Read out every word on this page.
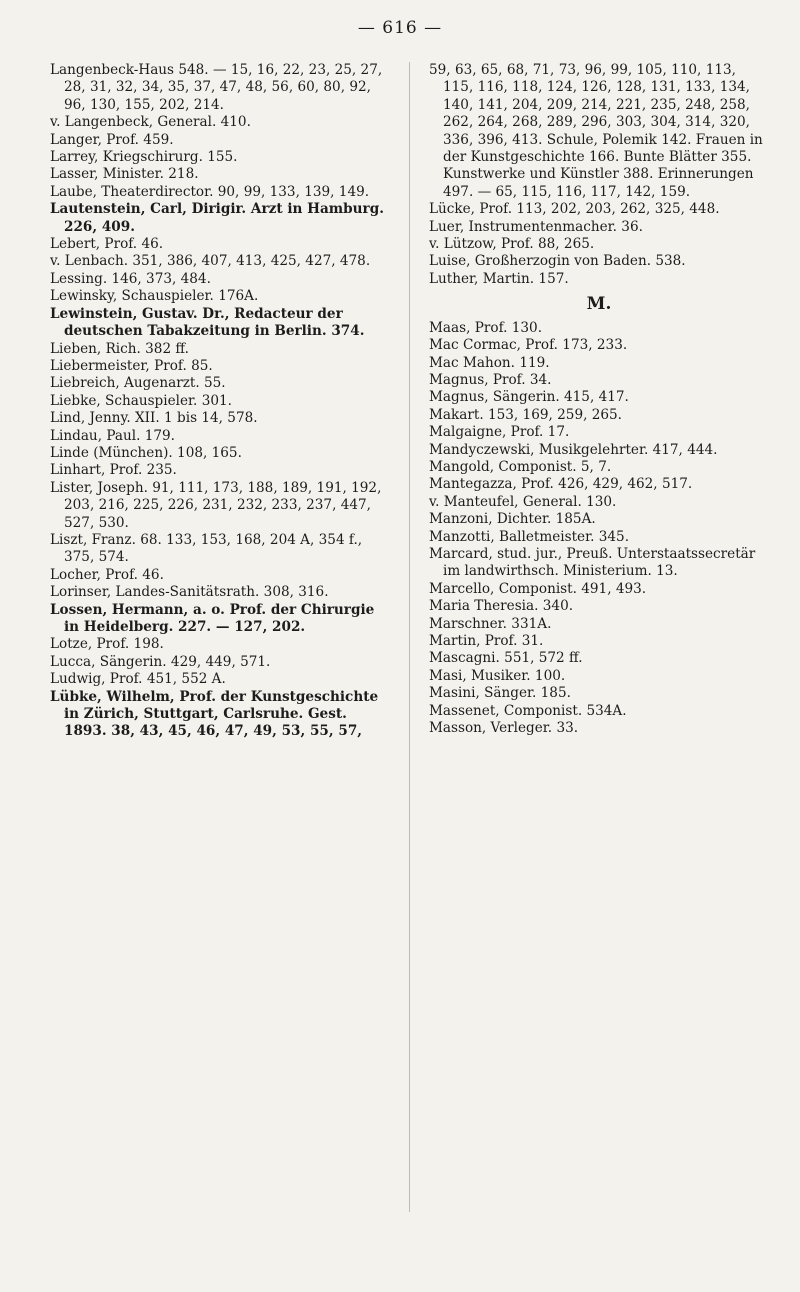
— 616 —

Langenbeck-Haus 548. — 15, 16, 22, 23, 25, 27, 28, 31, 32, 34, 35, 37, 47, 48, 56, 60, 80, 92, 96, 130, 155, 202, 214.

v. Langenbeck, General. 410.

Langer, Prof. 459.

Larrey, Kriegschirurg. 155.

Lasser, Minister. 218.

Laube, Theaterdirector. 90, 99, 133, 139, 149.

Lautenstein, Carl, Dirigir. Arzt in Hamburg. 226, 409.

Lebert, Prof. 46.

v. Lenbach. 351, 386, 407, 413, 425, 427, 478.

Lessing. 146, 373, 484.

Lewinsky, Schauspieler. 176A.

Lewinstein, Gustav. Dr., Redacteur der deutschen Tabakzeitung in Berlin. 374.

Lieben, Rich. 382 ff.

Liebermeister, Prof. 85.

Liebreich, Augenarzt. 55.

Liebke, Schauspieler. 301.

Lind, Jenny. XII. 1 bis 14, 578.

Lindau, Paul. 179.

Linde (München). 108, 165.

Linhart, Prof. 235.

Lister, Joseph. 91, 111, 173, 188, 189, 191, 192, 203, 216, 225, 226, 231, 232, 233, 237, 447, 527, 530.

Liszt, Franz. 68. 133, 153, 168, 204 A, 354 f., 375, 574.

Locher, Prof. 46.

Lorinser, Landes-Sanitätsrath. 308, 316.

Lossen, Hermann, a. o. Prof. der Chirurgie in Heidelberg. 227. — 127, 202.

Lotze, Prof. 198.

Lucca, Sängerin. 429, 449, 571.

Ludwig, Prof. 451, 552 A.

Lübke, Wilhelm, Prof. der Kunstgeschichte in Zürich, Stuttgart, Carlsruhe. Gest. 1893. 38, 43, 45, 46, 47, 49, 53, 55, 57,

59, 63, 65, 68, 71, 73, 96, 99, 105, 110, 113, 115, 116, 118, 124, 126, 128, 131, 133, 134, 140, 141, 204, 209, 214, 221, 235, 248, 258, 262, 264, 268, 289, 296, 303, 304, 314, 320, 336, 396, 413. Schule, Polemik 142. Frauen in der Kunstgeschichte 166. Bunte Blätter 355. Kunstwerke und Künstler 388. Erinnerungen 497. — 65, 115, 116, 117, 142, 159.

Lücke, Prof. 113, 202, 203, 262, 325, 448.

Luer, Instrumentenmacher. 36.

v. Lützow, Prof. 88, 265.

Luise, Großherzogin von Baden. 538.

Luther, Martin. 157.

M.

Maas, Prof. 130.

Mac Cormac, Prof. 173, 233.

Mac Mahon. 119.

Magnus, Prof. 34.

Magnus, Sängerin. 415, 417.

Makart. 153, 169, 259, 265.

Malgaigne, Prof. 17.

Mandyczewski, Musikgelehrter. 417, 444.

Mangold, Componist. 5, 7.

Mantegazza, Prof. 426, 429, 462, 517.

v. Manteufel, General. 130.

Manzoni, Dichter. 185A.

Manzotti, Balletmeister. 345.

Marcard, stud. jur., Preuß. Unterstaatssecretär im landwirthsch. Ministerium. 13.

Marcello, Componist. 491, 493.

Maria Theresia. 340.

Marschner. 331A.

Martin, Prof. 31.

Mascagni. 551, 572 ff.

Masi, Musiker. 100.

Masini, Sänger. 185.

Massenet, Componist. 534A.

Masson, Verleger. 33.
